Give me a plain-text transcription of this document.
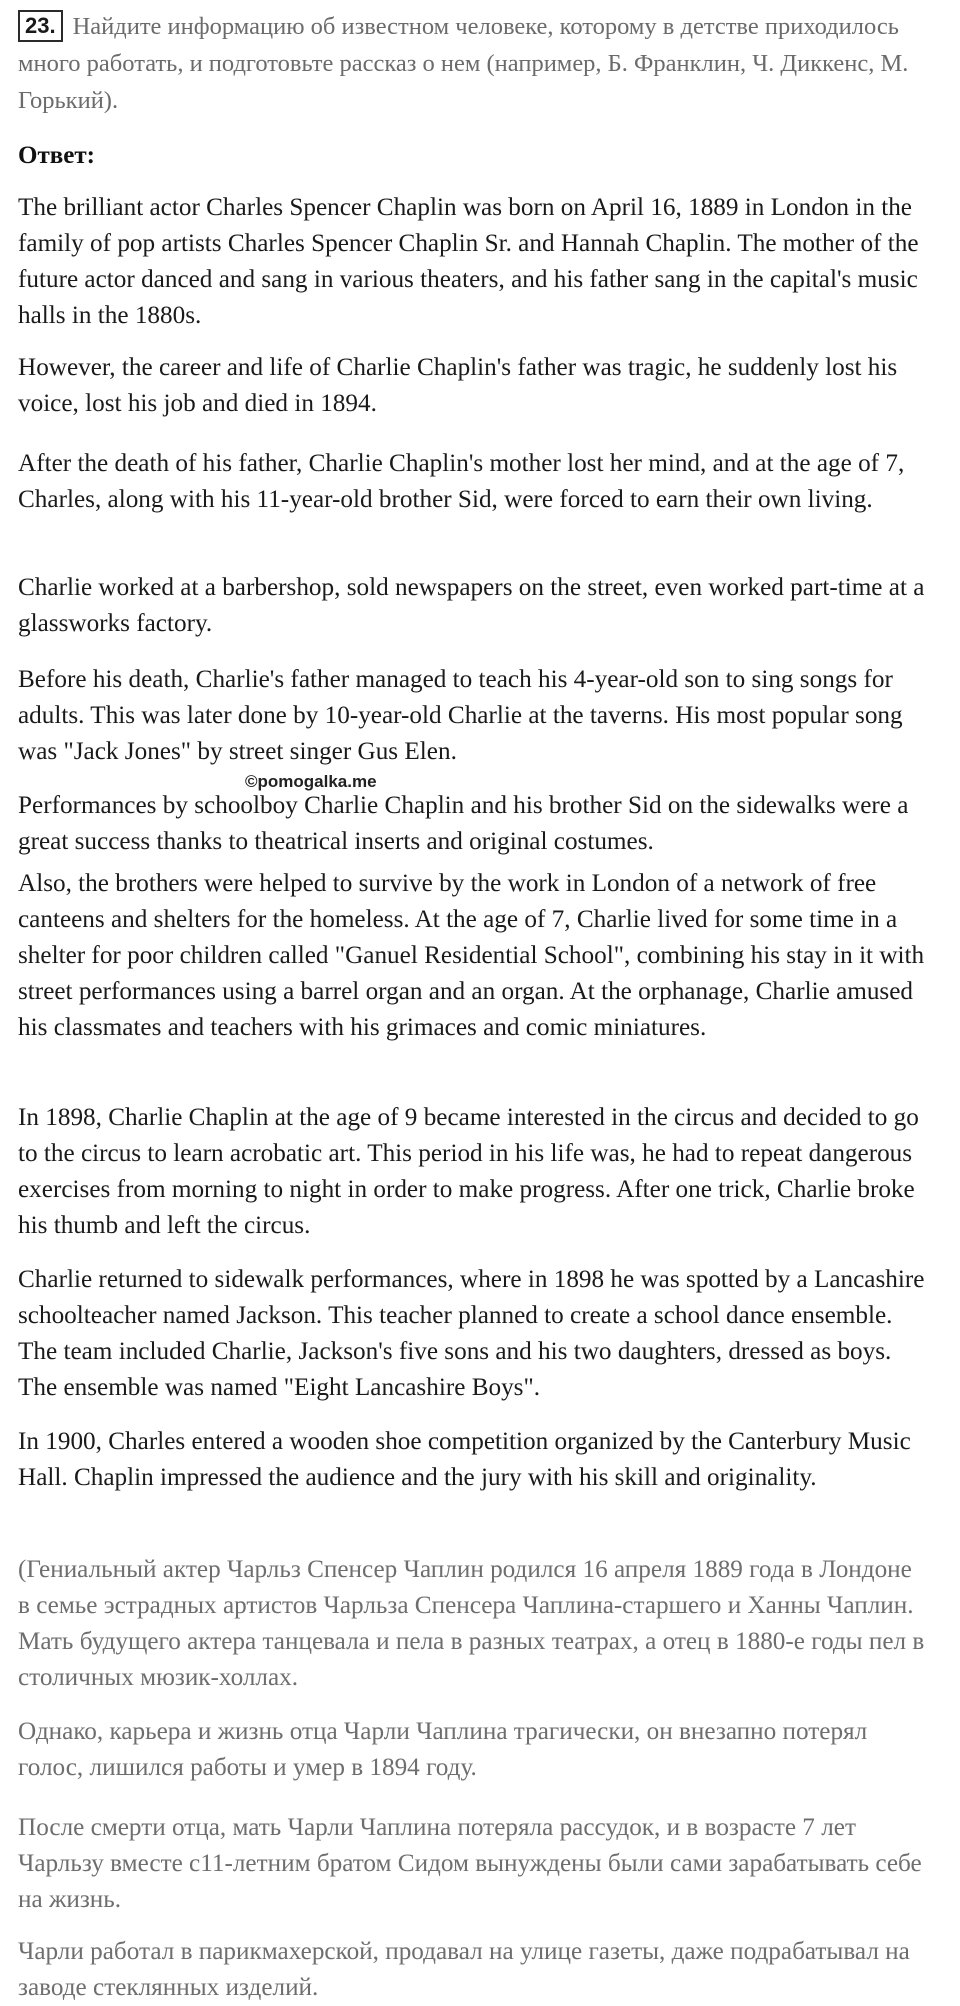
23. Найдите информацию об известном человеке, которому в детстве приходилось много работать, и подготовьте рассказ о нем (например, Б. Франклин, Ч. Диккенс, М. Горький).
Ответ:

The brilliant actor Charles Spencer Chaplin was born on April 16, 1889 in London in the family of pop artists Charles Spencer Chaplin Sr. and Hannah Chaplin. The mother of the future actor danced and sang in various theaters, and his father sang in the capital's music halls in the 1880s.

However, the career and life of Charlie Chaplin's father was tragic, he suddenly lost his voice, lost his job and died in 1894.

After the death of his father, Charlie Chaplin's mother lost her mind, and at the age of 7, Charles, along with his 11-year-old brother Sid, were forced to earn their own living.

Charlie worked at a barbershop, sold newspapers on the street, even worked part-time at a glassworks factory.

Before his death, Charlie's father managed to teach his 4-year-old son to sing songs for adults. This was later done by 10-year-old Charlie at the taverns. His most popular song was "Jack Jones" by street singer Gus Elen.

©pomogalka.me

Performances by schoolboy Charlie Chaplin and his brother Sid on the sidewalks were a great success thanks to theatrical inserts and original costumes.

Also, the brothers were helped to survive by the work in London of a network of free canteens and shelters for the homeless. At the age of 7, Charlie lived for some time in a shelter for poor children called "Ganuel Residential School", combining his stay in it with street performances using a barrel organ and an organ. At the orphanage, Charlie amused his classmates and teachers with his grimaces and comic miniatures.

In 1898, Charlie Chaplin at the age of 9 became interested in the circus and decided to go to the circus to learn acrobatic art. This period in his life was, he had to repeat dangerous exercises from morning to night in order to make progress. After one trick, Charlie broke his thumb and left the circus.

Charlie returned to sidewalk performances, where in 1898 he was spotted by a Lancashire schoolteacher named Jackson. This teacher planned to create a school dance ensemble. The team included Charlie, Jackson's five sons and his two daughters, dressed as boys. The ensemble was named "Eight Lancashire Boys".

In 1900, Charles entered a wooden shoe competition organized by the Canterbury Music Hall. Chaplin impressed the audience and the jury with his skill and originality.

(Гениальный актер Чарльз Спенсер Чаплин родился 16 апреля 1889 года в Лондоне в семье эстрадных артистов Чарльза Спенсера Чаплина-старшего и Ханны Чаплин. Мать будущего актера танцевала и пела в разных театрах, а отец в 1880-е годы пел в столичных мюзик-холлах.

Однако, карьера и жизнь отца Чарли Чаплина трагически, он внезапно потерял голос, лишился работы и умер в 1894 году.

После смерти отца, мать Чарли Чаплина потеряла рассудок, и в возрасте 7 лет Чарльзу вместе с11-летним братом Сидом вынуждены были сами зарабатывать себе на жизнь.

Чарли работал в парикмахерской, продавал на улице газеты, даже подрабатывал на заводе стеклянных изделий.
